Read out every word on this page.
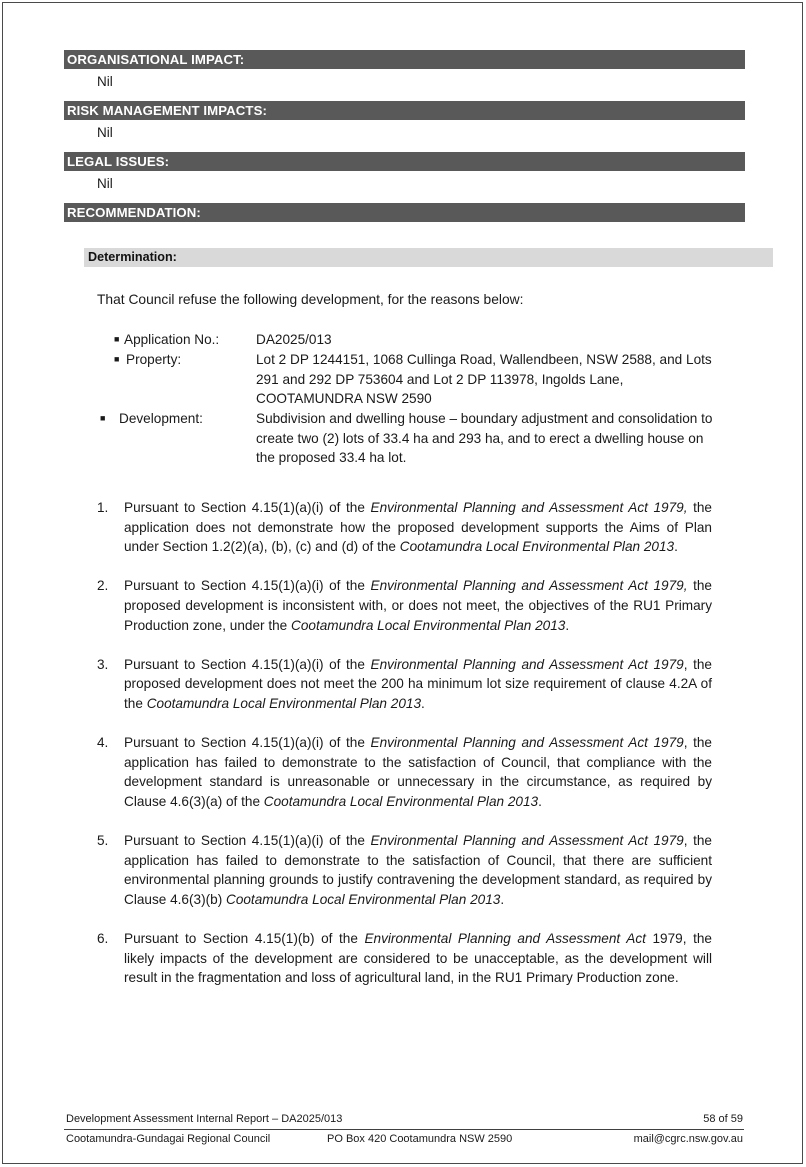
ORGANISATIONAL IMPACT:
Nil
RISK MANAGEMENT IMPACTS:
Nil
LEGAL ISSUES:
Nil
RECOMMENDATION:
Determination:
That Council refuse the following development, for the reasons below:
■ Application No.:	DA2025/013
■ Property:	Lot 2 DP 1244151, 1068 Cullinga Road, Wallendbeen, NSW 2588, and Lots 291 and 292 DP 753604 and Lot 2 DP 113978, Ingolds Lane, COOTAMUNDRA NSW 2590
■ Development:	Subdivision and dwelling house – boundary adjustment and consolidation to create two (2) lots of 33.4 ha and 293 ha, and to erect a dwelling house on the proposed 33.4 ha lot.
1. Pursuant to Section 4.15(1)(a)(i) of the Environmental Planning and Assessment Act 1979, the application does not demonstrate how the proposed development supports the Aims of Plan under Section 1.2(2)(a), (b), (c) and (d) of the Cootamundra Local Environmental Plan 2013.
2. Pursuant to Section 4.15(1)(a)(i) of the Environmental Planning and Assessment Act 1979, the proposed development is inconsistent with, or does not meet, the objectives of the RU1 Primary Production zone, under the Cootamundra Local Environmental Plan 2013.
3. Pursuant to Section 4.15(1)(a)(i) of the Environmental Planning and Assessment Act 1979, the proposed development does not meet the 200 ha minimum lot size requirement of clause 4.2A of the Cootamundra Local Environmental Plan 2013.
4. Pursuant to Section 4.15(1)(a)(i) of the Environmental Planning and Assessment Act 1979, the application has failed to demonstrate to the satisfaction of Council, that compliance with the development standard is unreasonable or unnecessary in the circumstance, as required by Clause 4.6(3)(a) of the Cootamundra Local Environmental Plan 2013.
5. Pursuant to Section 4.15(1)(a)(i) of the Environmental Planning and Assessment Act 1979, the application has failed to demonstrate to the satisfaction of Council, that there are sufficient environmental planning grounds to justify contravening the development standard, as required by Clause 4.6(3)(b) Cootamundra Local Environmental Plan 2013.
6. Pursuant to Section 4.15(1)(b) of the Environmental Planning and Assessment Act 1979, the likely impacts of the development are considered to be unacceptable, as the development will result in the fragmentation and loss of agricultural land, in the RU1 Primary Production zone.
Development Assessment Internal Report – DA2025/013	58 of 59
Cootamundra-Gundagai Regional Council	PO Box 420 Cootamundra NSW 2590	mail@cgrc.nsw.gov.au
